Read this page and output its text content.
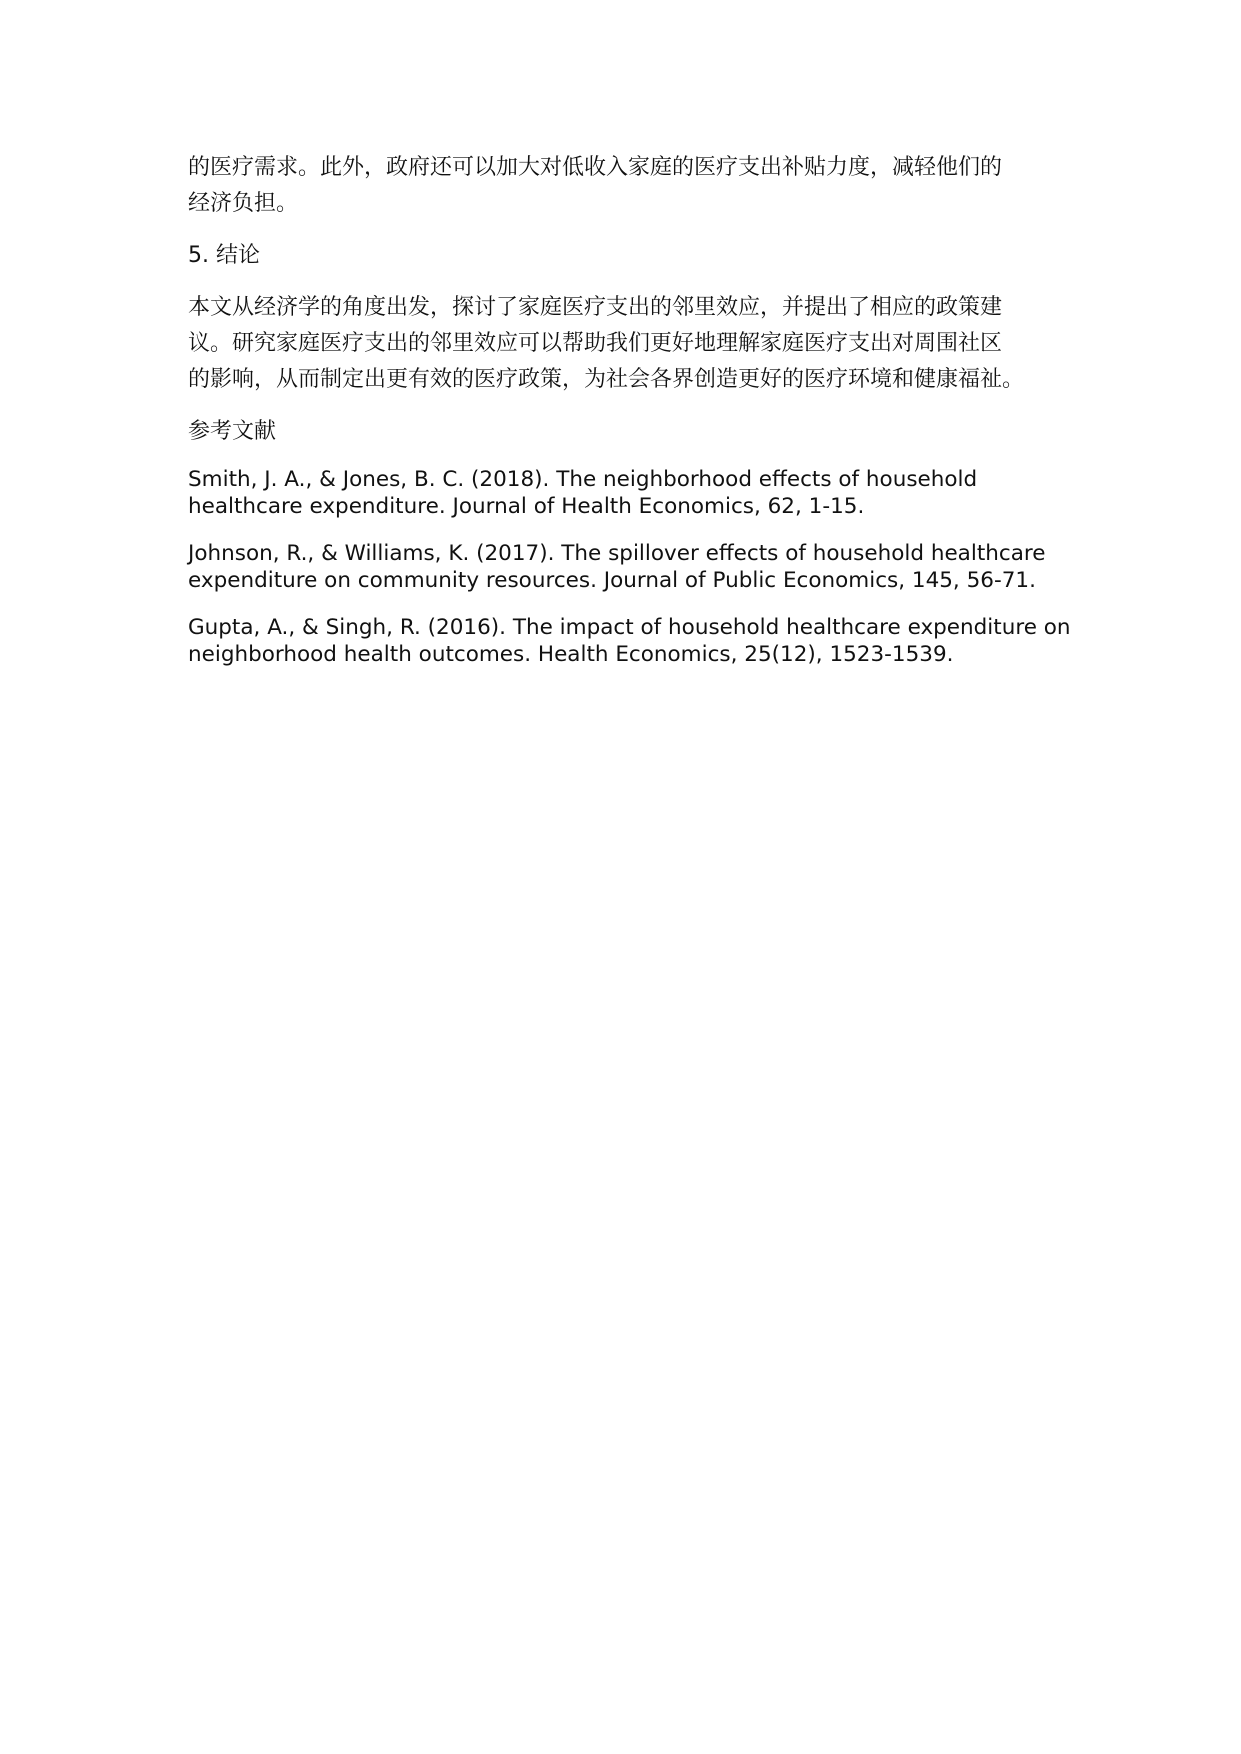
的医疗需求。此外，政府还可以加大对低收入家庭的医疗支出补贴力度，减轻他们的
经济负担。
5. 结论
本文从经济学的角度出发，探讨了家庭医疗支出的邻里效应，并提出了相应的政策建
议。研究家庭医疗支出的邻里效应可以帮助我们更好地理解家庭医疗支出对周围社区
的影响，从而制定出更有效的医疗政策，为社会各界创造更好的医疗环境和健康福祉。
参考文献
Smith, J. A., & Jones, B. C. (2018). The neighborhood effects of household
healthcare expenditure. Journal of Health Economics, 62, 1-15.
Johnson, R., & Williams, K. (2017). The spillover effects of household healthcare
expenditure on community resources. Journal of Public Economics, 145, 56-71.
Gupta, A., & Singh, R. (2016). The impact of household healthcare expenditure on
neighborhood health outcomes. Health Economics, 25(12), 1523-1539.
